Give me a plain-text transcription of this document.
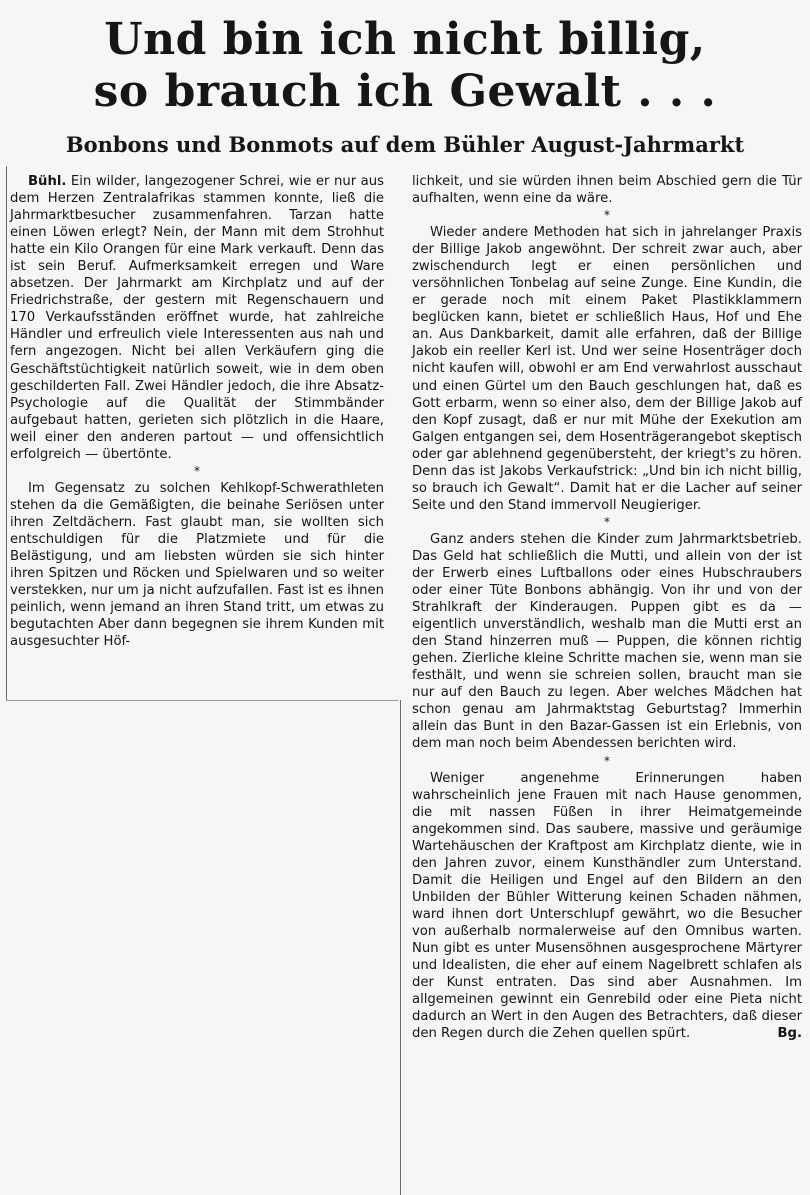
Und bin ich nicht billig,
so brauch ich Gewalt . . .
Bonbons und Bonmots auf dem Bühler August-Jahrmarkt

Bühl. Ein wilder, langezogener Schrei, wie er nur aus dem Herzen Zentralafrikas stammen konnte, ließ die Jahrmarktbesucher zusammenfahren. Tarzan hatte einen Löwen erlegt? Nein, der Mann mit dem Strohhut hatte ein Kilo Orangen für eine Mark verkauft. Denn das ist sein Beruf. Aufmerksamkeit erregen und Ware absetzen. Der Jahrmarkt am Kirchplatz und auf der Friedrichstraße, der gestern mit Regenschauern und 170 Verkaufsständen eröffnet wurde, hat zahlreiche Händler und erfreulich viele Interessenten aus nah und fern angezogen. Nicht bei allen Verkäufern ging die Geschäftstüchtigkeit natürlich soweit, wie in dem oben geschilderten Fall. Zwei Händler jedoch, die ihre Absatz-Psychologie auf die Qualität der Stimmbänder aufgebaut hatten, gerieten sich plötzlich in die Haare, weil einer den anderen partout — und offensichtlich erfolgreich — übertönte.

*

Im Gegensatz zu solchen Kehlkopf-Schwerathleten stehen da die Gemäßigten, die beinahe Seriösen unter ihren Zeltdächern. Fast glaubt man, sie wollten sich entschuldigen für die Platzmiete und für die Belästigung, und am liebsten würden sie sich hinter ihren Spitzen und Röcken und Spielwaren und so weiter verstekken, nur um ja nicht aufzufallen. Fast ist es ihnen peinlich, wenn jemand an ihren Stand tritt, um etwas zu begutachten Aber dann begegnen sie ihrem Kunden mit ausgesuchter Höf-

lichkeit, und sie würden ihnen beim Abschied gern die Tür aufhalten, wenn eine da wäre.

*

Wieder andere Methoden hat sich in jahrelanger Praxis der Billige Jakob angewöhnt. Der schreit zwar auch, aber zwischendurch legt er einen persönlichen und versöhnlichen Tonbelag auf seine Zunge. Eine Kundin, die er gerade noch mit einem Paket Plastikklammern beglücken kann, bietet er schließlich Haus, Hof und Ehe an. Aus Dankbarkeit, damit alle erfahren, daß der Billige Jakob ein reeller Kerl ist. Und wer seine Hosenträger doch nicht kaufen will, obwohl er am End verwahrlost ausschaut und einen Gürtel um den Bauch geschlungen hat, daß es Gott erbarm, wenn so einer also, dem der Billige Jakob auf den Kopf zusagt, daß er nur mit Mühe der Exekution am Galgen entgangen sei, dem Hosenträgerangebot skeptisch oder gar ablehnend gegenübersteht, der kriegt's zu hören. Denn das ist Jakobs Verkaufstrick: „Und bin ich nicht billig, so brauch ich Gewalt“. Damit hat er die Lacher auf seiner Seite und den Stand immervoll Neugieriger.

*

Ganz anders stehen die Kinder zum Jahrmarktsbetrieb. Das Geld hat schließlich die Mutti, und allein von der ist der Erwerb eines Luftballons oder eines Hubschraubers oder einer Tüte Bonbons abhängig. Von ihr und von der Strahlkraft der Kinderaugen. Puppen gibt es da — eigentlich unverständlich, weshalb man die Mutti erst an den Stand hinzerren muß — Puppen, die können richtig gehen. Zierliche kleine Schritte machen sie, wenn man sie festhält, und wenn sie schreien sollen, braucht man sie nur auf den Bauch zu legen. Aber welches Mädchen hat schon genau am Jahrmaktstag Geburtstag? Immerhin allein das Bunt in den Bazar-Gassen ist ein Erlebnis, von dem man noch beim Abendessen berichten wird.

*

Weniger angenehme Erinnerungen haben wahrscheinlich jene Frauen mit nach Hause genommen, die mit nassen Füßen in ihrer Heimatgemeinde angekommen sind. Das saubere, massive und geräumige Wartehäuschen der Kraftpost am Kirchplatz diente, wie in den Jahren zuvor, einem Kunsthändler zum Unterstand. Damit die Heiligen und Engel auf den Bildern an den Unbilden der Bühler Witterung keinen Schaden nähmen, ward ihnen dort Unterschlupf gewährt, wo die Besucher von außerhalb normalerweise auf den Omnibus warten. Nun gibt es unter Musensöhnen ausgesprochene Märtyrer und Idealisten, die eher auf einem Nagelbrett schlafen als der Kunst entraten. Das sind aber Ausnahmen. Im allgemeinen gewinnt ein Genrebild oder eine Pieta nicht dadurch an Wert in den Augen des Betrachters, daß dieser den Regen durch die Zehen quellen spürt.	Bg.
